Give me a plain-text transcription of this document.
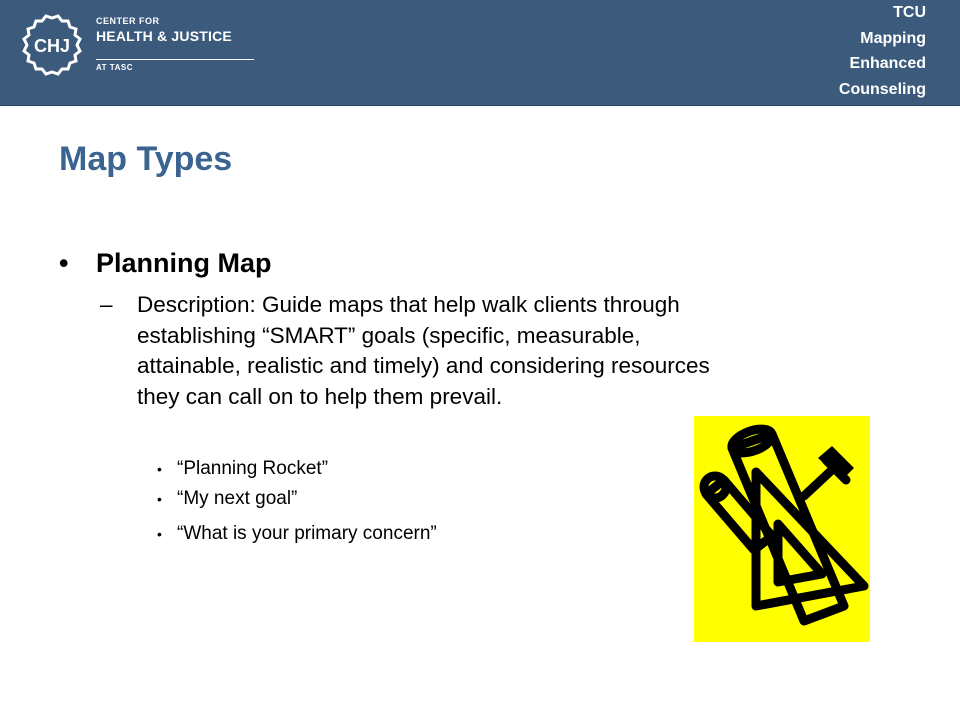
CHJ
CENTER FOR
HEALTH & JUSTICE
AT TASC
TCU
Mapping
Enhanced
Counseling
Map Types
• Planning Map
– Description: Guide maps that help walk clients through
establishing “SMART” goals (specific, measurable,
attainable, realistic and timely) and considering resources
they can call on to help them prevail.
• “Planning Rocket”
• “My next goal”
• “What is your primary concern”
